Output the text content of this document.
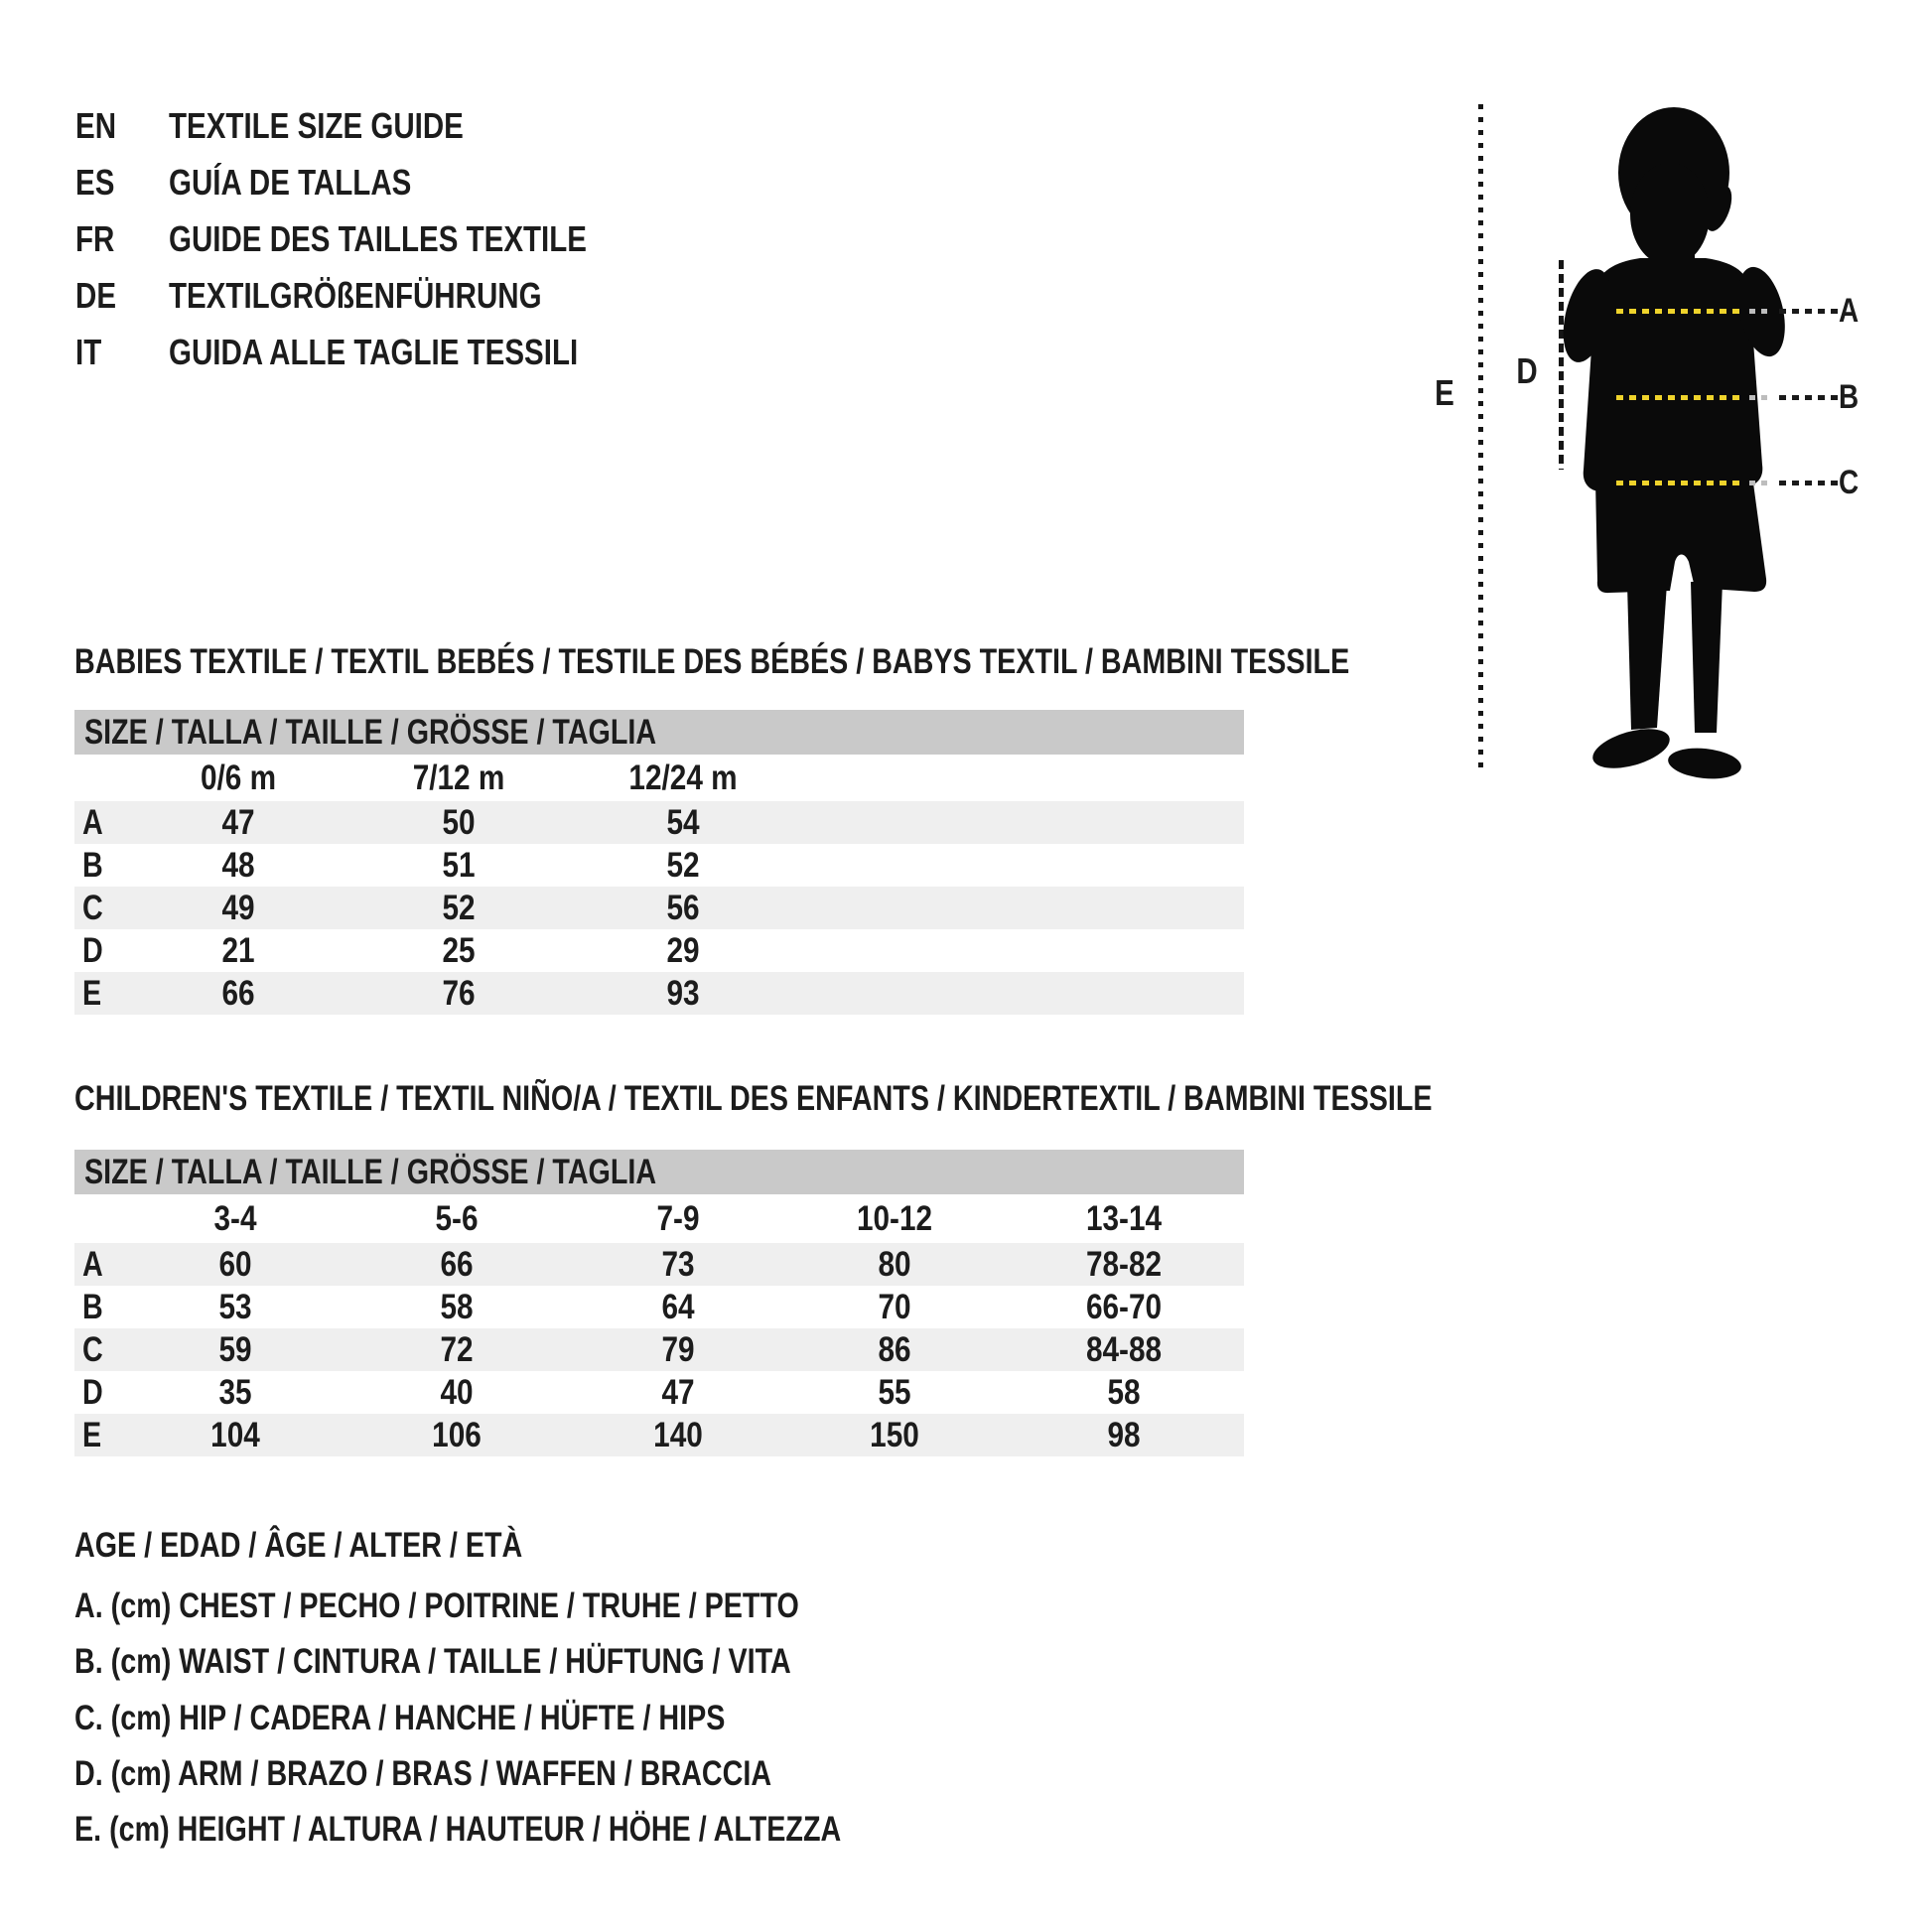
EN TEXTILE SIZE GUIDE
ES GUÍA DE TALLAS
FR GUIDE DES TAILLES TEXTILE
DE TEXTILGRÖßENFÜHRUNG
IT GUIDA ALLE TAGLIE TESSILI
A
B
C
E
D
BABIES TEXTILE / TEXTIL BEBÉS / TESTILE DES BÉBÉS / BABYS TEXTIL / BAMBINI TESSILE
SIZE / TALLA / TAILLE / GRÖSSE / TAGLIA
0/6 m	7/12 m	12/24 m
A	47	50	54
B	48	51	52
C	49	52	56
D	21	25	29
E	66	76	93
CHILDREN'S TEXTILE / TEXTIL NIÑO/A / TEXTIL DES ENFANTS / KINDERTEXTIL / BAMBINI TESSILE
SIZE / TALLA / TAILLE / GRÖSSE / TAGLIA
3-4	5-6	7-9	10-12	13-14
A	60	66	73	80	78-82
B	53	58	64	70	66-70
C	59	72	79	86	84-88
D	35	40	47	55	58
E	104	106	140	150	98
AGE / EDAD / ÂGE / ALTER / ETÀ
A. (cm) CHEST / PECHO / POITRINE / TRUHE / PETTO
B. (cm) WAIST / CINTURA / TAILLE / HÜFTUNG / VITA
C. (cm) HIP / CADERA / HANCHE / HÜFTE / HIPS
D. (cm) ARM / BRAZO / BRAS / WAFFEN / BRACCIA
E. (cm) HEIGHT / ALTURA / HAUTEUR / HÖHE / ALTEZZA
